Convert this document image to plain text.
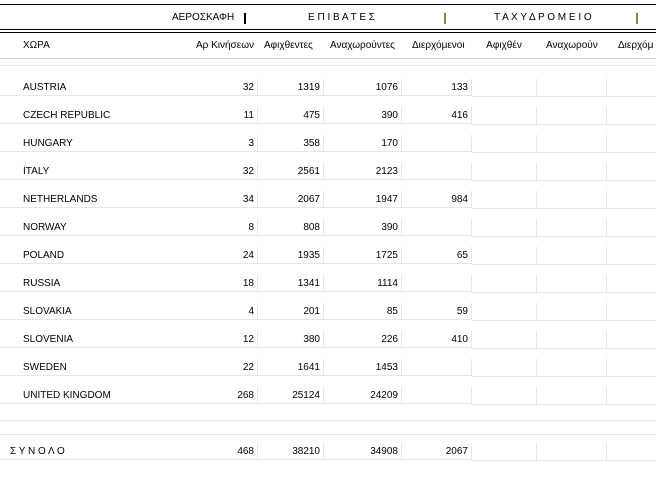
ΑΕΡΟΣΚΑΦΗ	Ε Π Ι Β Α Τ Ε Σ	Τ Α Χ Υ Δ Ρ Ο Μ Ε Ι Ο
ΧΩΡΑ	Αρ Κινήσεων	Αφιχθεντες	Αναχωρούντες	Διερχόμενοι	Αφιχθέν	Αναχωρούν	Διερχόμ
AUSTRIA	32	1319	1076	133
CZECH REPUBLIC	11	475	390	416
HUNGARY	3	358	170
ITALY	32	2561	2123
NETHERLANDS	34	2067	1947	984
NORWAY	8	808	390
POLAND	24	1935	1725	65
RUSSIA	18	1341	1114
SLOVAKIA	4	201	85	59
SLOVENIA	12	380	226	410
SWEDEN	22	1641	1453
UNITED KINGDOM	268	25124	24209
Σ Υ Ν Ο Λ Ο	468	38210	34908	2067
